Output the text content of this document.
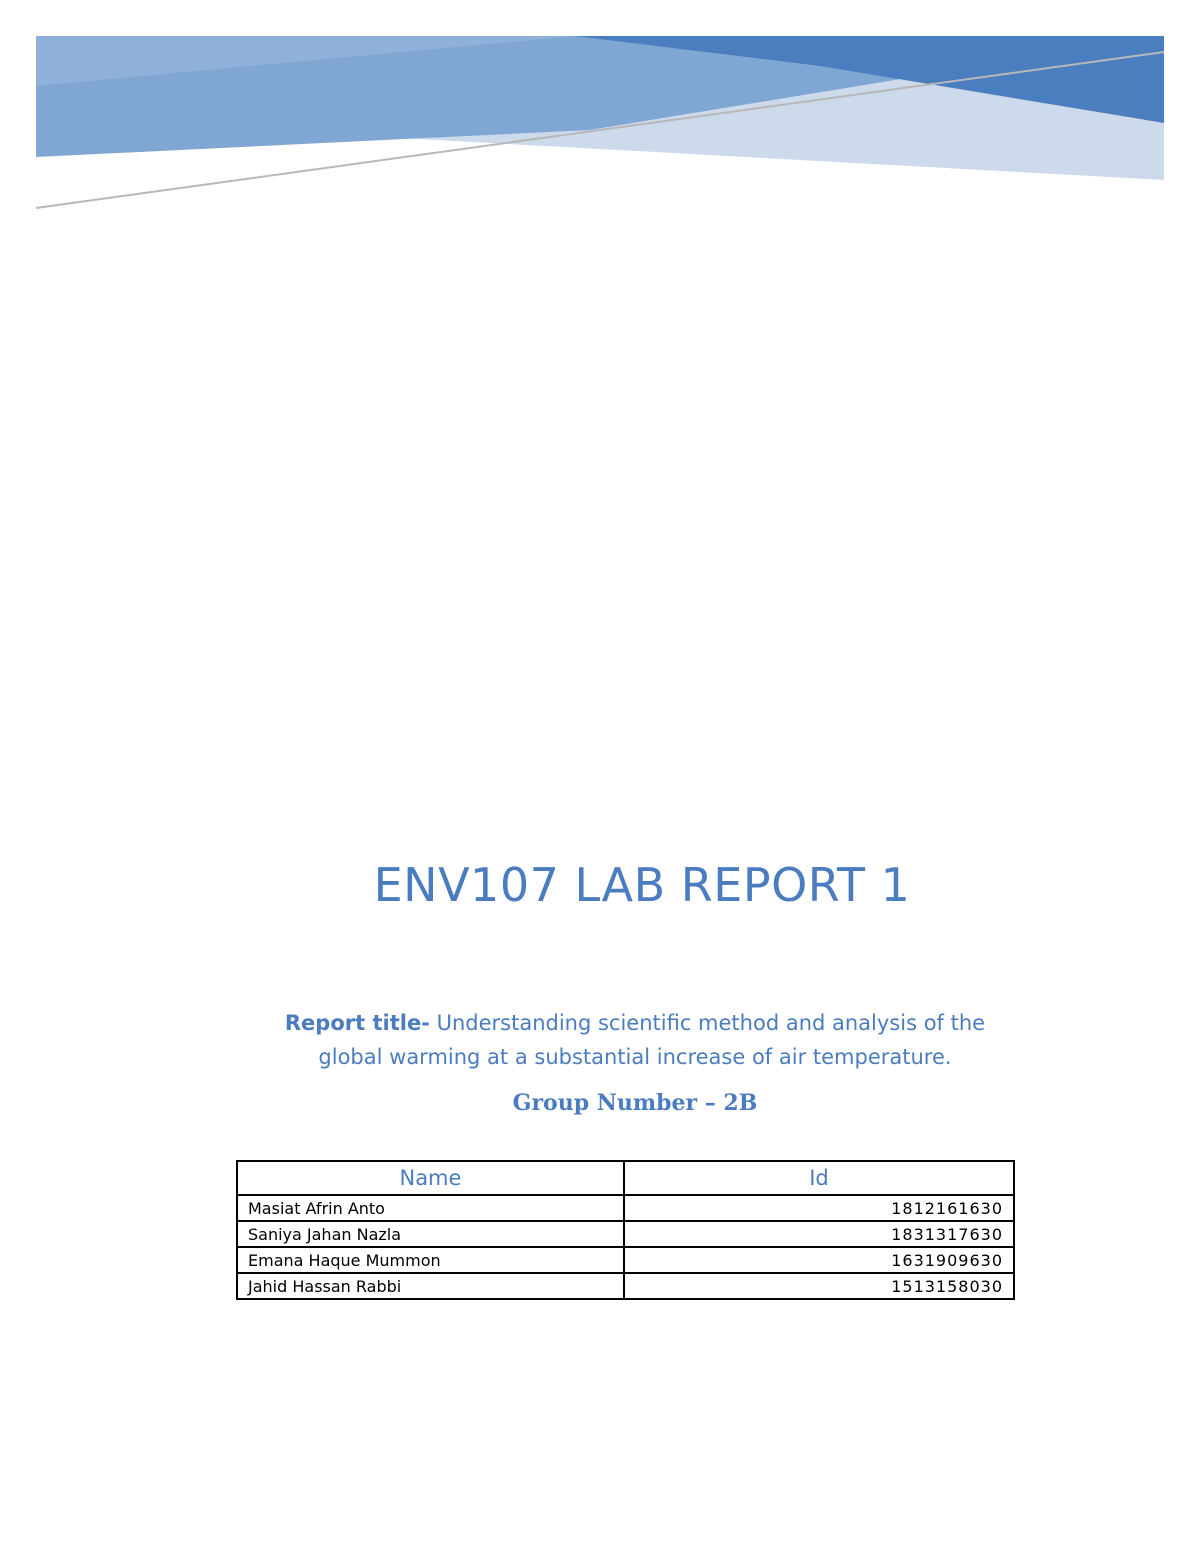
ENV107 LAB REPORT 1

Report title- Understanding scientific method and analysis of the global warming at a substantial increase of air temperature.

Group Number – 2B

Name	Id
Masiat Afrin Anto	1812161630
Saniya Jahan Nazla	1831317630
Emana Haque Mummon	1631909630
Jahid Hassan Rabbi	1513158030
